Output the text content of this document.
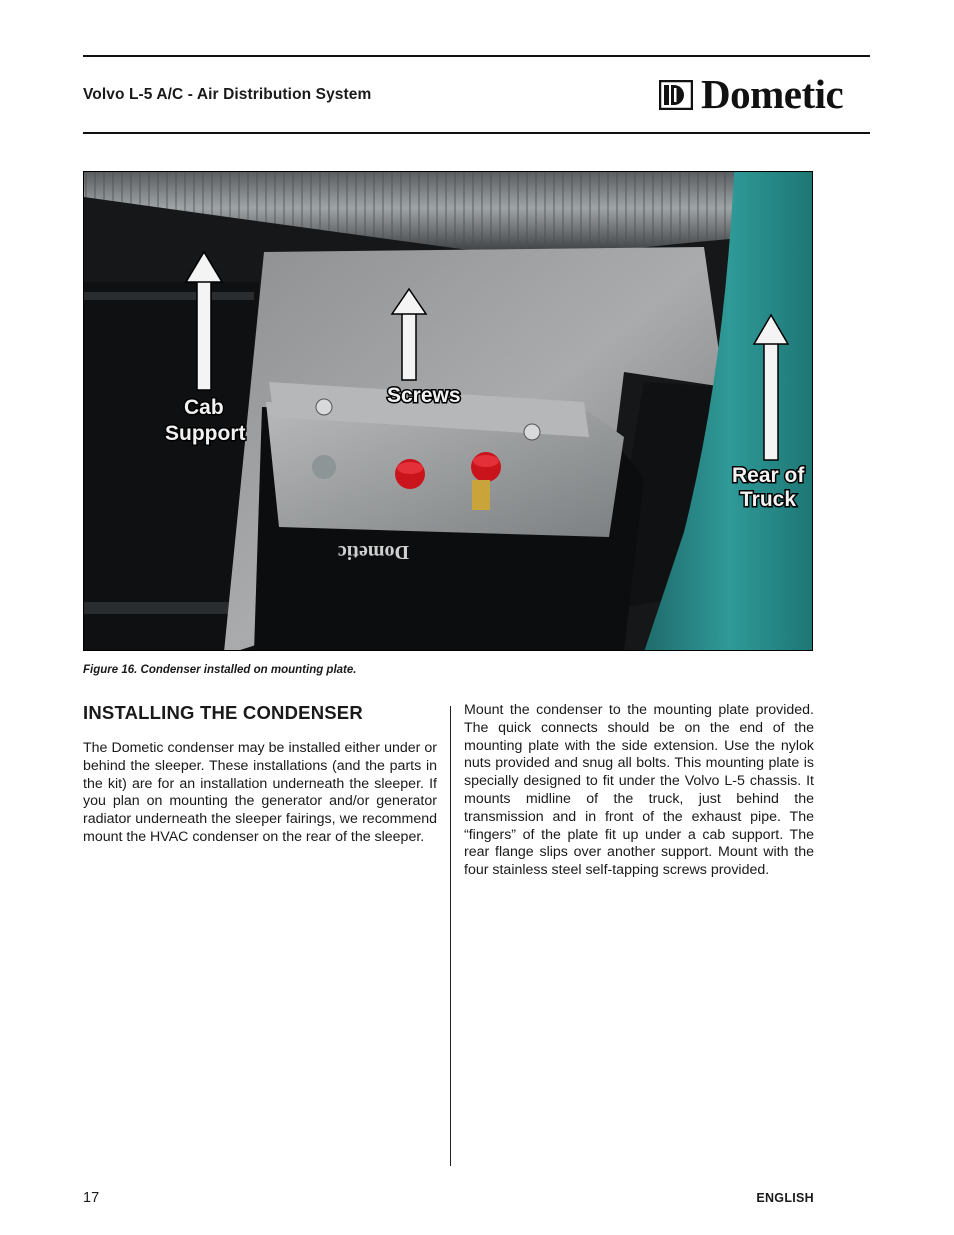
Volvo L-5 A/C - Air Distribution System	Dometic
Dometic
Cab
Support
Screws
Rear of
Truck
Figure 16. Condenser installed on mounting plate.
INSTALLING THE CONDENSER

The Dometic condenser may be installed either under or behind the sleeper. These installations (and the parts in the kit) are for an installation underneath the sleeper. If you plan on mounting the generator and/or generator radiator underneath the sleeper fairings, we recommend mount the HVAC condenser on the rear of the sleeper.

Mount the condenser to the mounting plate provided. The quick connects should be on the end of the mounting plate with the side extension. Use the nylok nuts provided and snug all bolts. This mounting plate is specially designed to fit under the Volvo L-5 chassis. It mounts midline of the truck, just behind the transmission and in front of the exhaust pipe. The “fingers” of the plate fit up under a cab support. The rear flange slips over another support. Mount with the four stainless steel self-tapping screws provided.

17	ENGLISH
